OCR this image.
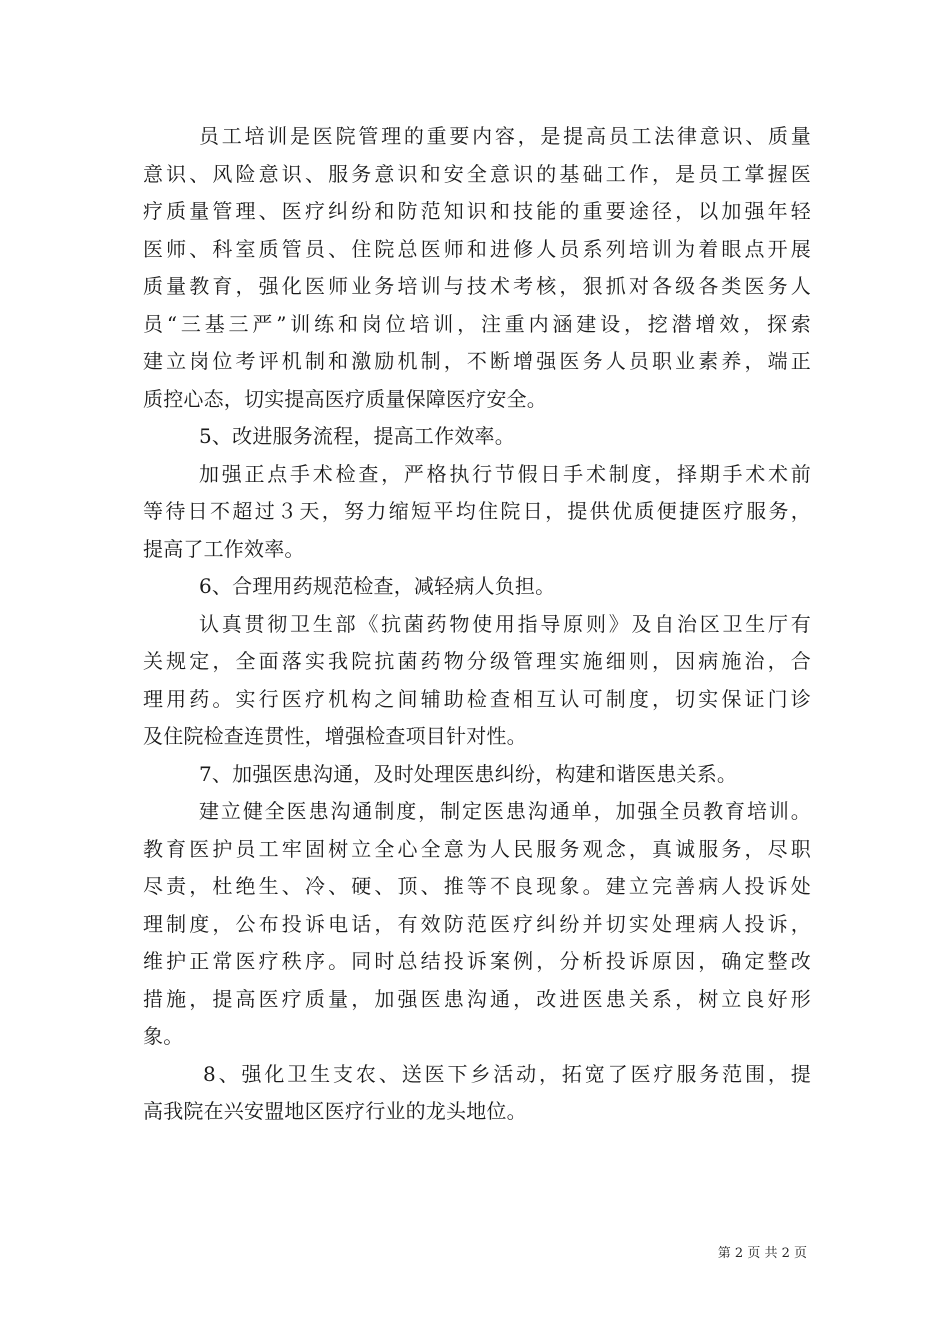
员工培训是医院管理的重要内容，是提高员工法律意识、质量
意识、风险意识、服务意识和安全意识的基础工作，是员工掌握医
疗质量管理、医疗纠纷和防范知识和技能的重要途径，以加强年轻
医师、科室质管员、住院总医师和进修人员系列培训为着眼点开展
质量教育，强化医师业务培训与技术考核，狠抓对各级各类医务人
员“三基三严”训练和岗位培训，注重内涵建设，挖潜增效，探索
建立岗位考评机制和激励机制，不断增强医务人员职业素养，端正
质控心态，切实提高医疗质量保障医疗安全。
5、改进服务流程，提高工作效率。
加强正点手术检查，严格执行节假日手术制度，择期手术术前
等待日不超过３天，努力缩短平均住院日，提供优质便捷医疗服务，
提高了工作效率。
6、合理用药规范检查，减轻病人负担。
认真贯彻卫生部《抗菌药物使用指导原则》及自治区卫生厅有
关规定，全面落实我院抗菌药物分级管理实施细则，因病施治，合
理用药。实行医疗机构之间辅助检查相互认可制度，切实保证门诊
及住院检查连贯性，增强检查项目针对性。
7、加强医患沟通，及时处理医患纠纷，构建和谐医患关系。
建立健全医患沟通制度，制定医患沟通单，加强全员教育培训。
教育医护员工牢固树立全心全意为人民服务观念，真诚服务，尽职
尽责，杜绝生、冷、硬、顶、推等不良现象。建立完善病人投诉处
理制度，公布投诉电话，有效防范医疗纠纷并切实处理病人投诉，
维护正常医疗秩序。同时总结投诉案例，分析投诉原因，确定整改
措施，提高医疗质量，加强医患沟通，改进医患关系，树立良好形
象。
8、强化卫生支农、送医下乡活动，拓宽了医疗服务范围，提
高我院在兴安盟地区医疗行业的龙头地位。
第 2 页 共 2 页
